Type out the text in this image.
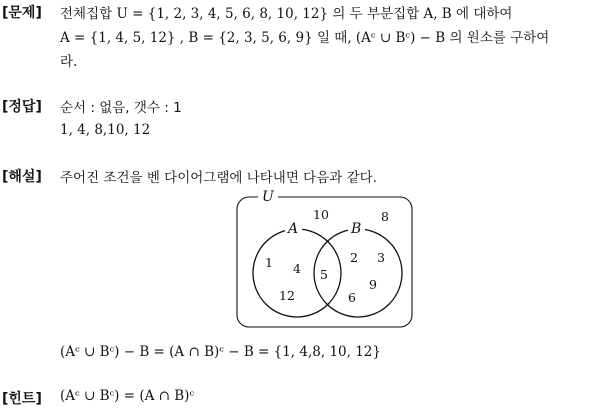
[문제] 전체집합 U = {1, 2, 3, 4, 5, 6, 8, 10, 12} 의 두 부분집합 A, B 에 대하여
A = {1, 4, 5, 12} , B = {2, 3, 5, 6, 9} 일 때, (Aᶜ ∪ Bᶜ) − B 의 원소를 구하여
라.
[정답] 순서 : 없음, 갯수 : 1
1, 4, 8,10, 12
[해설] 주어진 조건을 벤 다이어그램에 나타내면 다음과 같다.
U
A	B
10	8
1 4
12
5
2 3
9
6
(Aᶜ ∪ Bᶜ) − B = (A ∩ B)ᶜ − B = {1, 4,8, 10, 12}
[힌트] (Aᶜ ∪ Bᶜ) = (A ∩ B)ᶜ
